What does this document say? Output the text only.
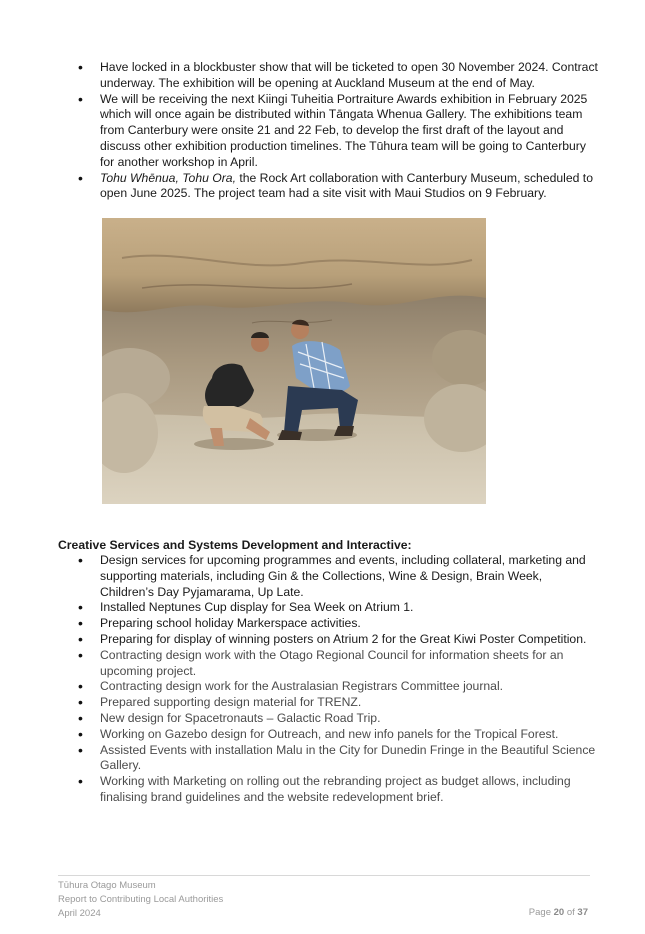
• Have locked in a blockbuster show that will be ticketed to open 30 November 2024. Contract underway. The exhibition will be opening at Auckland Museum at the end of May.
• We will be receiving the next Kiingi Tuheitia Portraiture Awards exhibition in February 2025 which will once again be distributed within Tāngata Whenua Gallery. The exhibitions team from Canterbury were onsite 21 and 22 Feb, to develop the first draft of the layout and discuss other exhibition production timelines. The Tūhura team will be going to Canterbury for another workshop in April.
• Tohu Whēnua, Tohu Ora, the Rock Art collaboration with Canterbury Museum, scheduled to open June 2025. The project team had a site visit with Maui Studios on 9 February.

Creative Services and Systems Development and Interactive:

• Design services for upcoming programmes and events, including collateral, marketing and supporting materials, including Gin & the Collections, Wine & Design, Brain Week, Children’s Day Pyjamarama, Up Late.
• Installed Neptunes Cup display for Sea Week on Atrium 1.
• Preparing school holiday Markerspace activities.
• Preparing for display of winning posters on Atrium 2 for the Great Kiwi Poster Competition.
• Contracting design work with the Otago Regional Council for information sheets for an upcoming project.
• Contracting design work for the Australasian Registrars Committee journal.
• Prepared supporting design material for TRENZ.
• New design for Spacetronauts – Galactic Road Trip.
• Working on Gazebo design for Outreach, and new info panels for the Tropical Forest.
• Assisted Events with installation Malu in the City for Dunedin Fringe in the Beautiful Science Gallery.
• Working with Marketing on rolling out the rebranding project as budget allows, including finalising brand guidelines and the website redevelopment brief.
Tūhura Otago Museum
Report to Contributing Local Authorities
April 2024	Page 20 of 37
